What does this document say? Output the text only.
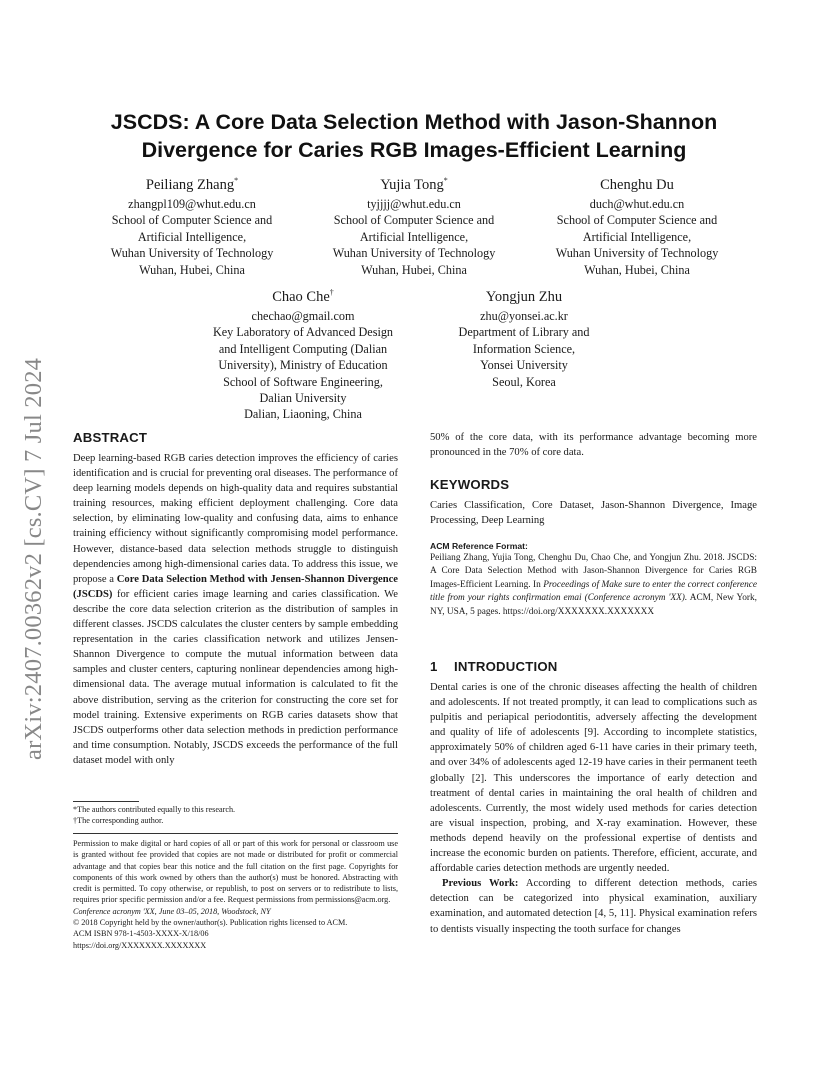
arXiv:2407.00362v2 [cs.CV] 7 Jul 2024
JSCDS: A Core Data Selection Method with Jason-Shannon
Divergence for Caries RGB Images-Efficient Learning
Peiliang Zhang*
zhangpl109@whut.edu.cn
School of Computer Science and
Artificial Intelligence,
Wuhan University of Technology
Wuhan, Hubei, China
Yujia Tong*
tyjjjj@whut.edu.cn
School of Computer Science and
Artificial Intelligence,
Wuhan University of Technology
Wuhan, Hubei, China
Chenghu Du
duch@whut.edu.cn
School of Computer Science and
Artificial Intelligence,
Wuhan University of Technology
Wuhan, Hubei, China
Chao Che†
chechao@gmail.com
Key Laboratory of Advanced Design
and Intelligent Computing (Dalian
University), Ministry of Education
School of Software Engineering,
Dalian University
Dalian, Liaoning, China
Yongjun Zhu
zhu@yonsei.ac.kr
Department of Library and
Information Science,
Yonsei University
Seoul, Korea
ABSTRACT

Deep learning-based RGB caries detection improves the efficiency of caries identification and is crucial for preventing oral diseases. The performance of deep learning models depends on high-quality data and requires substantial training resources, making efficient deployment challenging. Core data selection, by eliminating low-quality and confusing data, aims to enhance training efficiency without significantly compromising model performance. However, distance-based data selection methods struggle to distinguish dependencies among high-dimensional caries data. To address this issue, we propose a Core Data Selection Method with Jensen-Shannon Divergence (JSCDS) for efficient caries image learning and caries classification. We describe the core data selection criterion as the distribution of samples in different classes. JSCDS calculates the cluster centers by sample embedding representation in the caries classification network and utilizes Jensen-Shannon Divergence to compute the mutual information between data samples and cluster centers, capturing nonlinear dependencies among high-dimensional data. The average mutual information is calculated to fit the above distribution, serving as the criterion for constructing the core set for model training. Extensive experiments on RGB caries datasets show that JSCDS outperforms other data selection methods in prediction performance and time consumption. Notably, JSCDS exceeds the performance of the full dataset model with only

*The authors contributed equally to this research.
†The corresponding author.

Permission to make digital or hard copies of all or part of this work for personal or classroom use is granted without fee provided that copies are not made or distributed for profit or commercial advantage and that copies bear this notice and the full citation on the first page. Copyrights for components of this work owned by others than the author(s) must be honored. Abstracting with credit is permitted. To copy otherwise, or republish, to post on servers or to redistribute to lists, requires prior specific permission and/or a fee. Request permissions from permissions@acm.org.

Conference acronym 'XX, June 03–05, 2018, Woodstock, NY

© 2018 Copyright held by the owner/author(s). Publication rights licensed to ACM.

ACM ISBN 978-1-4503-XXXX-X/18/06

https://doi.org/XXXXXXX.XXXXXXX

50% of the core data, with its performance advantage becoming more pronounced in the 70% of core data.

KEYWORDS

Caries Classification, Core Dataset, Jason-Shannon Divergence, Image Processing, Deep Learning

ACM Reference Format:

Peiliang Zhang, Yujia Tong, Chenghu Du, Chao Che, and Yongjun Zhu. 2018. JSCDS: A Core Data Selection Method with Jason-Shannon Divergence for Caries RGB Images-Efficient Learning. In Proceedings of Make sure to enter the correct conference title from your rights confirmation emai (Conference acronym 'XX). ACM, New York, NY, USA, 5 pages. https://doi.org/XXXXXXX.XXXXXXX

1 INTRODUCTION

Dental caries is one of the chronic diseases affecting the health of children and adolescents. If not treated promptly, it can lead to complications such as pulpitis and periapical periodontitis, adversely affecting the development and quality of life of adolescents [9]. According to incomplete statistics, approximately 50% of children aged 6-11 have caries in their primary teeth, and over 34% of adolescents aged 12-19 have caries in their permanent teeth globally [2]. This underscores the importance of early detection and treatment of dental caries in maintaining the oral health of children and adolescents. Currently, the most widely used methods for caries detection are visual inspection, probing, and X-ray examination. However, these methods depend heavily on the professional expertise of dentists and increase the economic burden on patients. Therefore, efficient, accurate, and affordable caries detection methods are urgently needed.

Previous Work: According to different detection methods, caries detection can be categorized into physical examination, auxiliary examination, and automated detection [4, 5, 11]. Physical examination refers to dentists visually inspecting the tooth surface for changes
